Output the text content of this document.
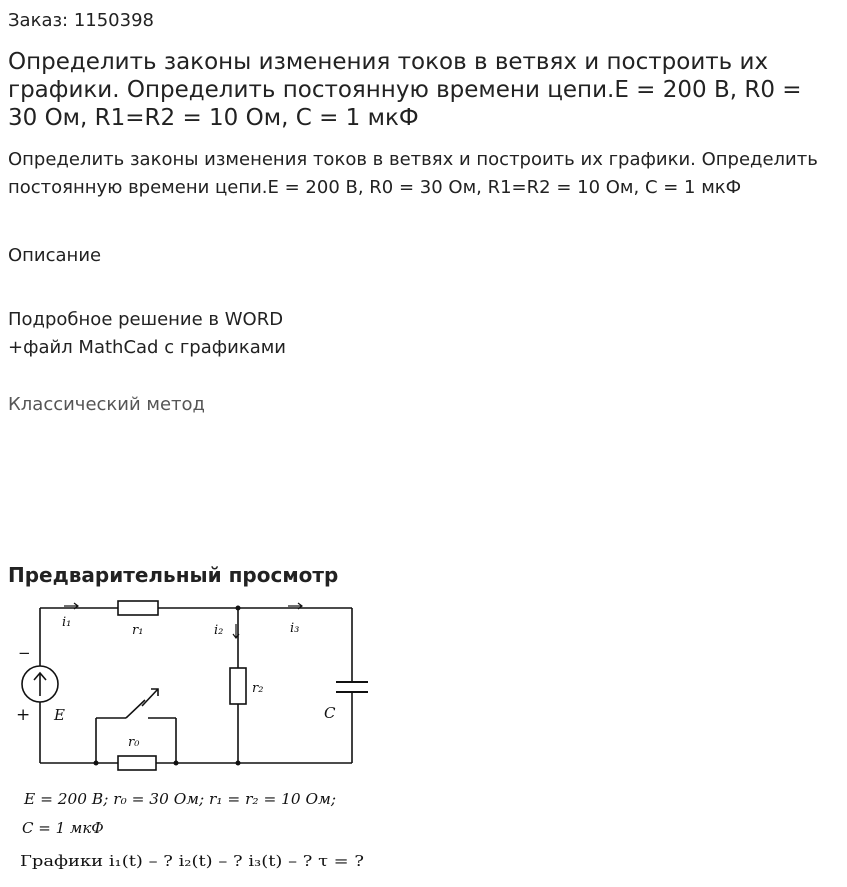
Заказ: 1150398
Определить законы изменения токов в ветвях и построить их графики. Определить постоянную времени цепи.E = 200 В, R0 = 30 Ом, R1=R2 = 10 Ом, C = 1 мкФ

Определить законы изменения токов в ветвях и построить их графики. Определить постоянную времени цепи.E = 200 В, R0 = 30 Ом, R1=R2 = 10 Ом, C = 1 мкФ

Описание
Подробное решение в WORD
+файл MathCad с графиками
Классический метод
Предварительный просмотр
i₁
r₁	i₂	i₃
−
+ E
r₂
C
r₀
E = 200 B; r₀ = 30 Ом; r₁ = r₂ = 10 Ом;
C = 1 мкФ
Графики i₁(t) – ? i₂(t) – ? i₃(t) – ? τ = ?
